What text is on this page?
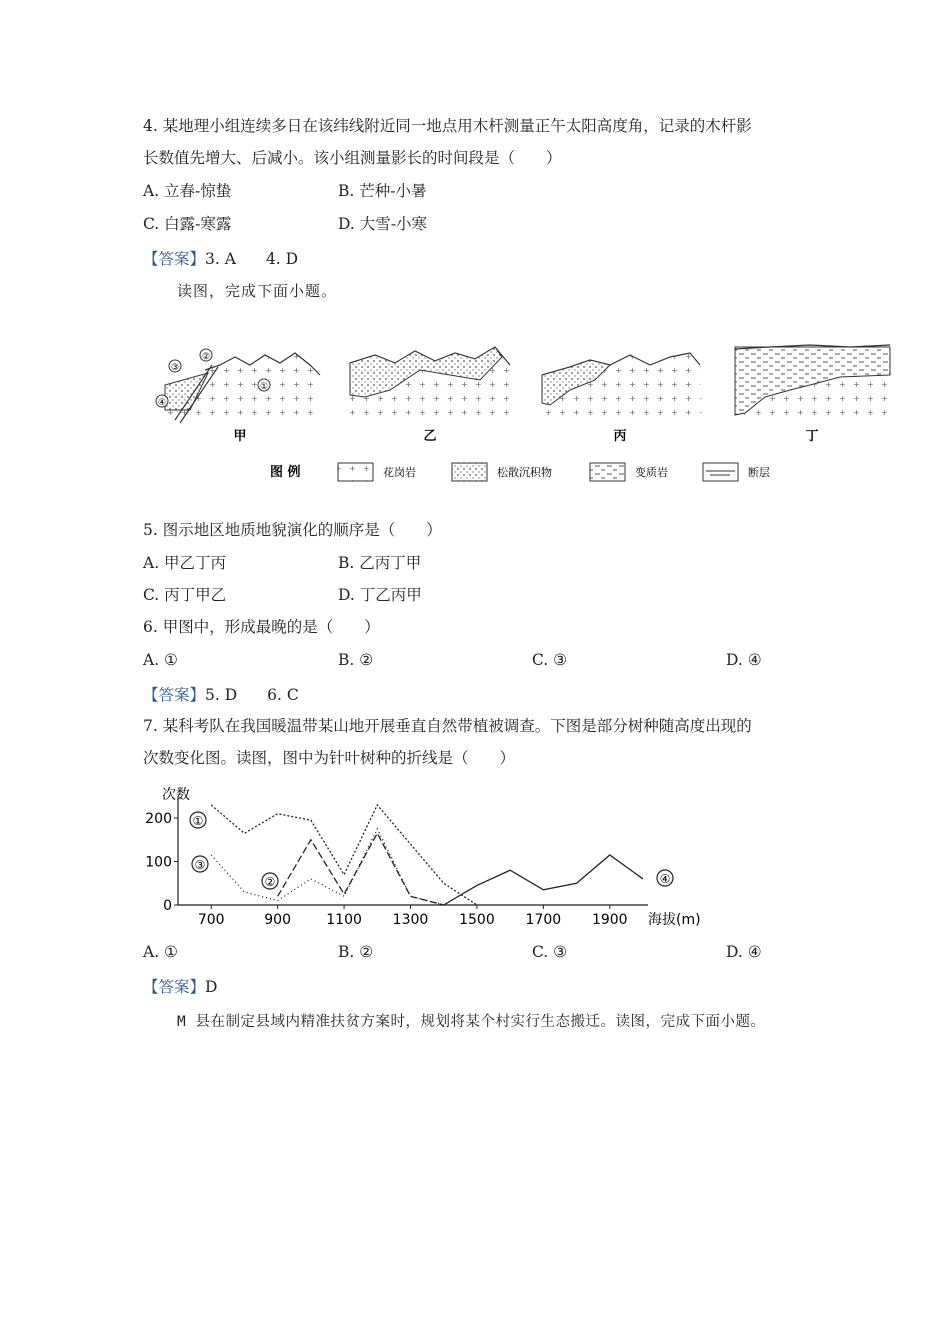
4. 某地理小组连续多日在该纬线附近同一地点用木杆测量正午太阳高度角，记录的木杆影
长数值先增大、后减小。该小组测量影长的时间段是（　　）
A. 立春-惊蛰	B. 芒种-小暑
C. 白露-寒露	D. 大雪-小寒
【答案】3. A 4. D
读图，完成下面小题。
③
②
①
④
甲	乙	丙	丁
图 例	花岗岩	松散沉积物	变质岩	断层
5. 图示地区地质地貌演化的顺序是（　　）
A. 甲乙丁丙	B. 乙丙丁甲
C. 丙丁甲乙	D. 丁乙丙甲
6. 甲图中，形成最晚的是（　　）
A. ①	B. ②	C. ③	D. ④
【答案】5. D 6. C
7. 某科考队在我国暖温带某山地开展垂直自然带植被调查。下图是部分树种随高度出现的
次数变化图。读图，图中为针叶树种的折线是（　　）
次数
海拔(m)
700	900	1100 1300 1500 1700 1900
0
100
200 ①
②
③
④
A. ①	B. ②	C. ③	D. ④
【答案】D
M 县在制定县域内精准扶贫方案时，规划将某个村实行生态搬迁。读图，完成下面小题。
